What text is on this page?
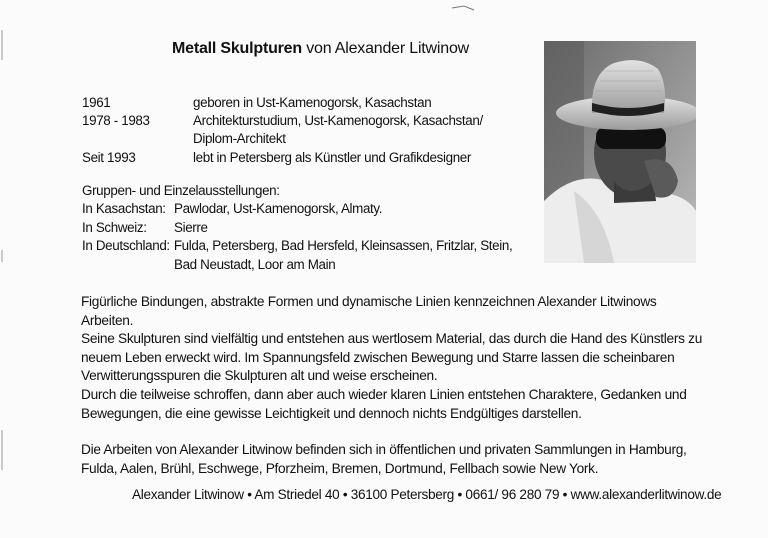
Metall Skulpturen von Alexander Litwinow
1961	geboren in Ust-Kamenogorsk, Kasachstan
1978 - 1983	Architekturstudium, Ust-Kamenogorsk, Kasachstan/
Diplom-Architekt
Seit 1993	lebt in Petersberg als Künstler und Grafikdesigner
Gruppen- und Einzelausstellungen:
In Kasachstan: Pawlodar, Ust-Kamenogorsk, Almaty.
In Schweiz:	Sierre
In Deutschland: Fulda, Petersberg, Bad Hersfeld, Kleinsassen, Fritzlar, Stein,
Bad Neustadt, Loor am Main

Figürliche Bindungen, abstrakte Formen und dynamische Linien kennzeichnen Alexander Litwinows

Arbeiten.

Seine Skulpturen sind vielfältig und entstehen aus wertlosem Material, das durch die Hand des Künstlers zu

neuem Leben erweckt wird. Im Spannungsfeld zwischen Bewegung und Starre lassen die scheinbaren

Verwitterungsspuren die Skulpturen alt und weise erscheinen.

Durch die teilweise schroffen, dann aber auch wieder klaren Linien entstehen Charaktere, Gedanken und

Bewegungen, die eine gewisse Leichtigkeit und dennoch nichts Endgültiges darstellen.

Die Arbeiten von Alexander Litwinow befinden sich in öffentlichen und privaten Sammlungen in Hamburg,

Fulda, Aalen, Brühl, Eschwege, Pforzheim, Bremen, Dortmund, Fellbach sowie New York.

Alexander Litwinow • Am Striedel 40 • 36100 Petersberg • 0661/ 96 280 79 • www.alexanderlitwinow.de
